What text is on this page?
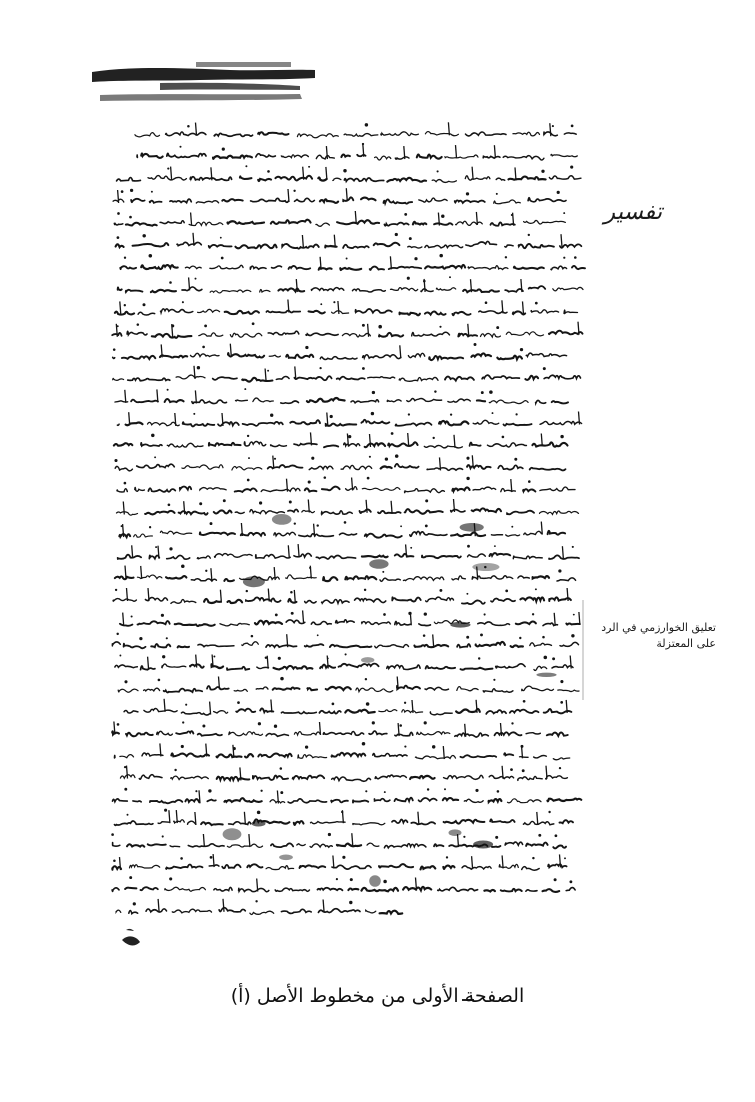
تفسير
تعليق الخوارزمي في الرد على المعتزلة
الصفحة الأولى من مخطوط الأصل (أ)
